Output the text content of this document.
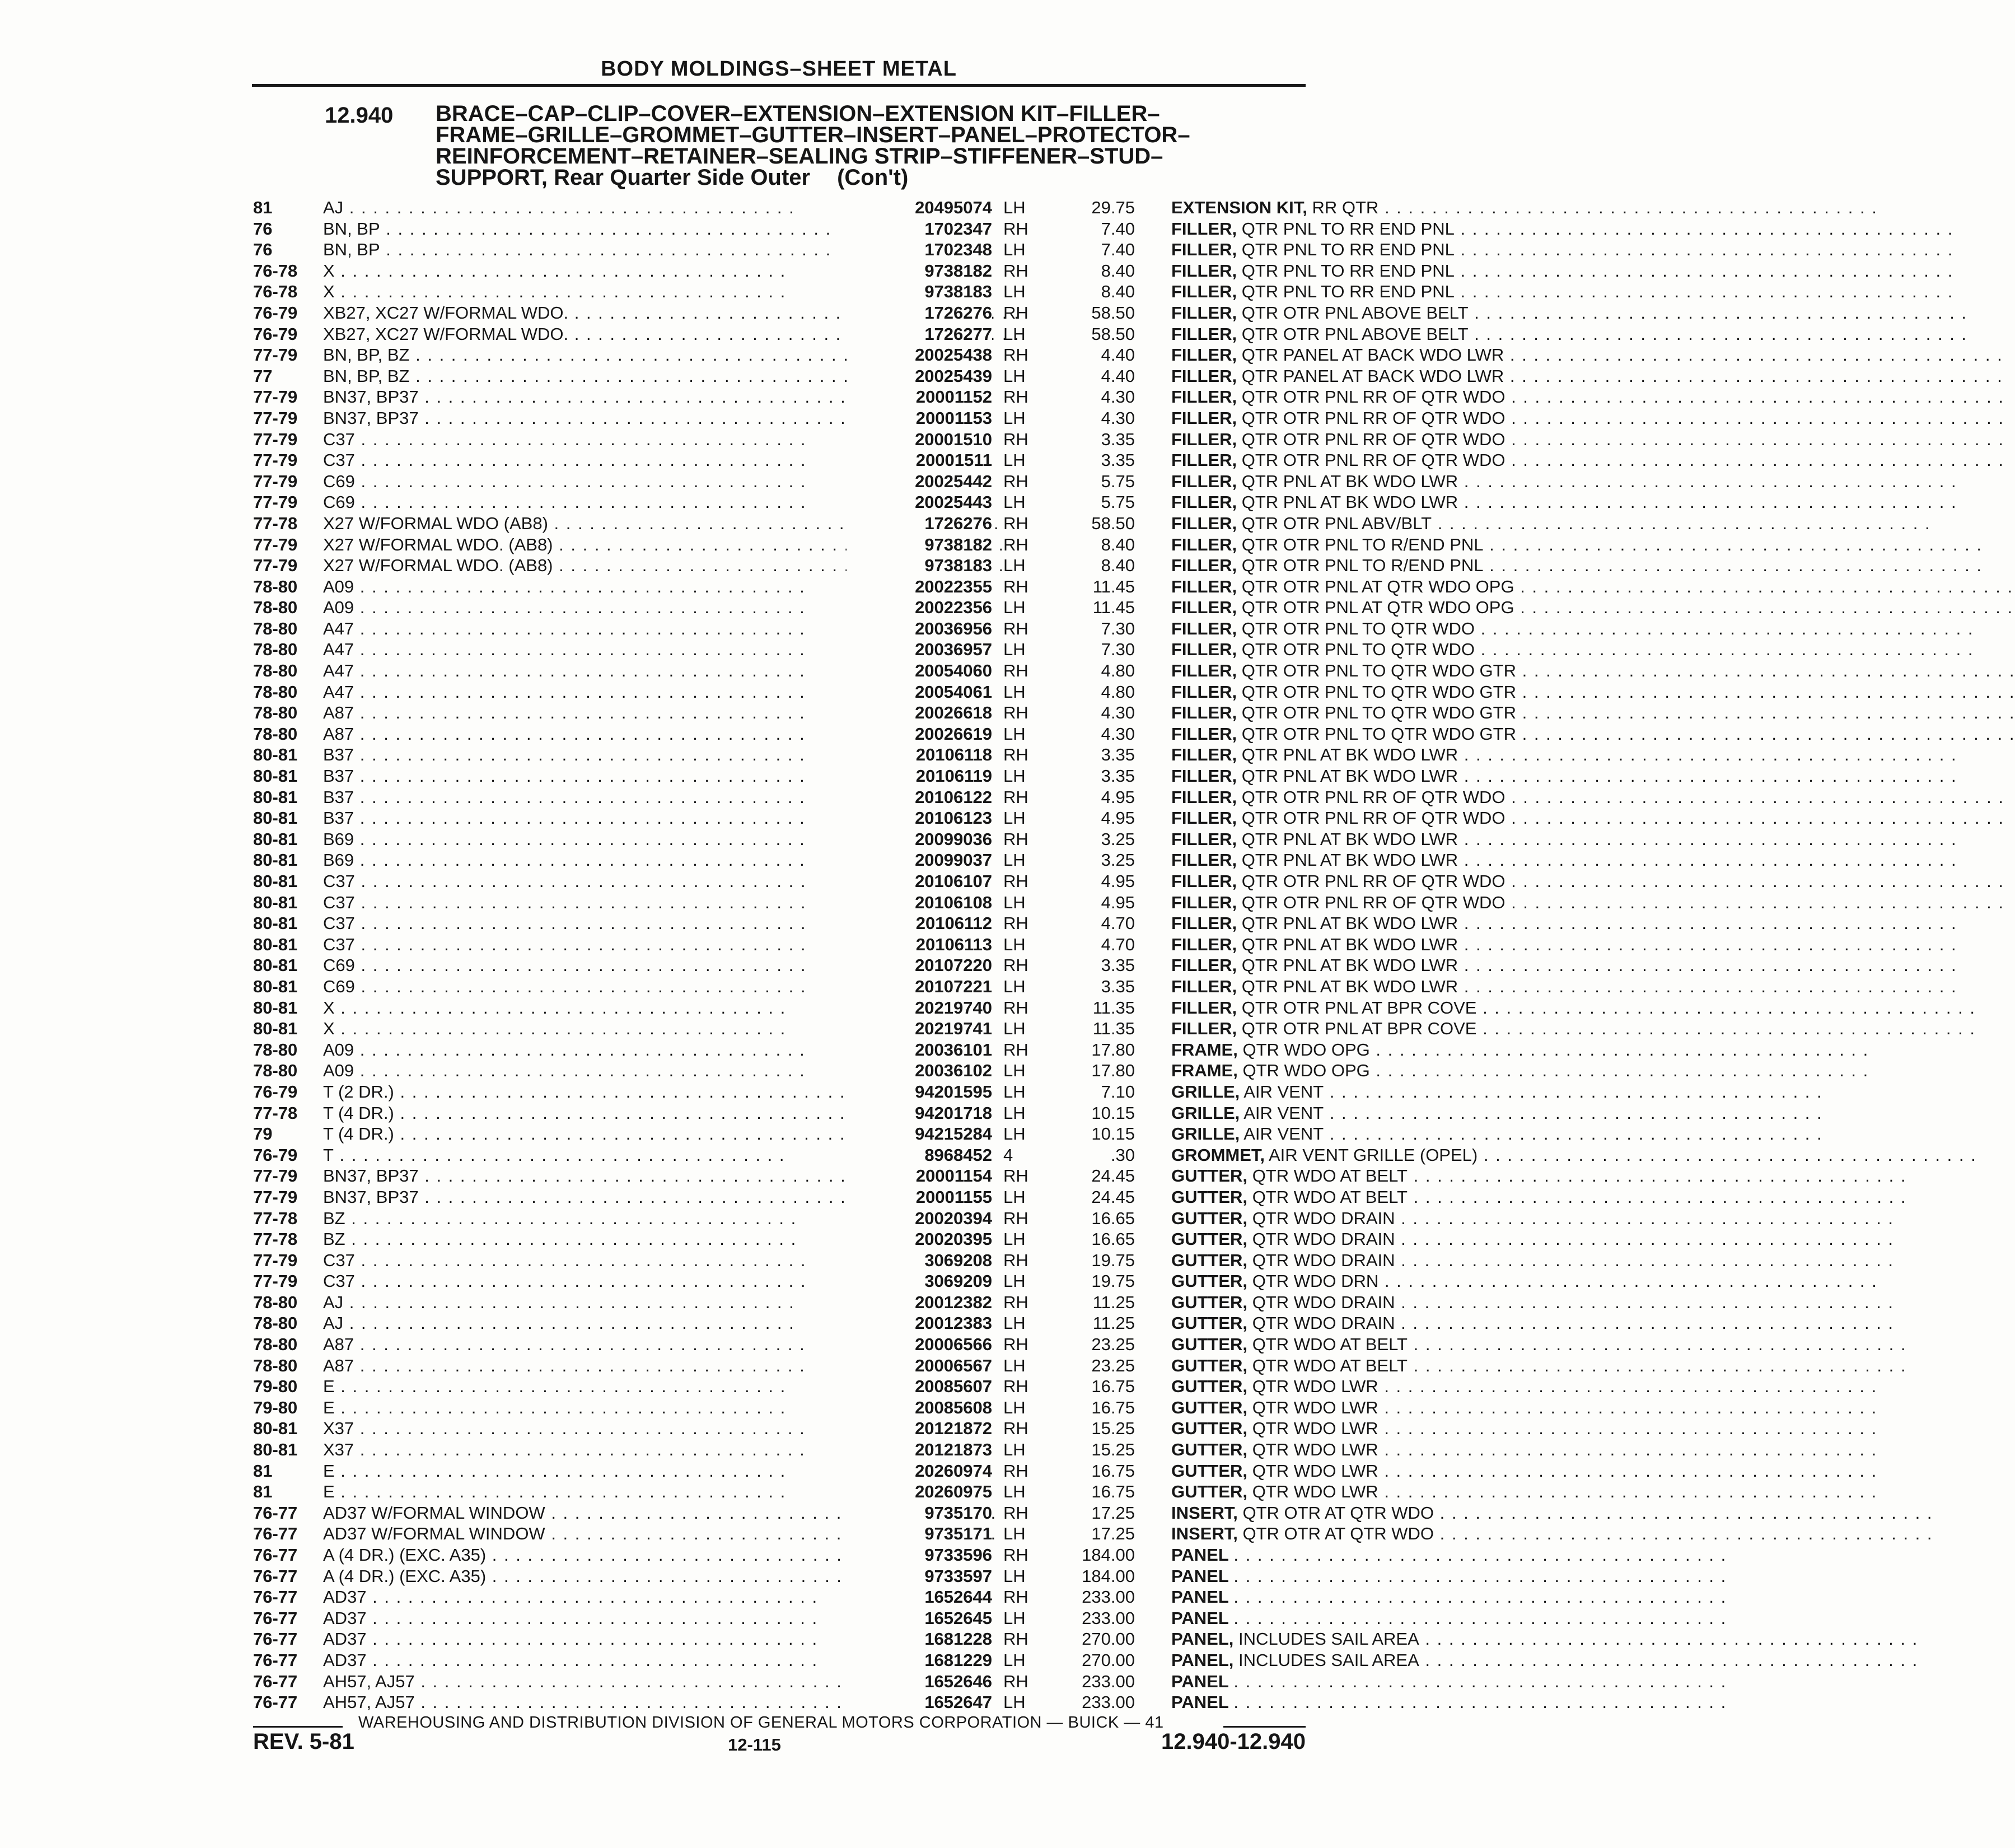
BODY MOLDINGS–SHEET METAL
12.940 BRACE–CAP–CLIP–COVER–EXTENSION–EXTENSION KIT–FILLER–
FRAME–GRILLE–GROMMET–GUTTER–INSERT–PANEL–PROTECTOR–
REINFORCEMENT–RETAINER–SEALING STRIP–STIFFENER–STUD–
SUPPORT, Rear Quarter Side Outer (Con't)
81	AJ . . .	20495074 LH	29.75 EXTENSION KIT, RR QTR . . .
76	BN, BP . . .	1702347 RH	7.40 FILLER, QTR PNL TO RR END PNL . . .
76	BN, BP . . .	1702348 LH	7.40 FILLER, QTR PNL TO RR END PNL . . .
76-78 X . . .	9738182 RH	8.40 FILLER, QTR PNL TO RR END PNL . . .
76-78 X . . .	9738183 LH	8.40 FILLER, QTR PNL TO RR END PNL . . .
76-79 XB27, XC27 W/FORMAL WDO. . . .	1726276 RH	58.50 FILLER, QTR OTR PNL ABOVE BELT . . .
76-79 XB27, XC27 W/FORMAL WDO. . . .	1726277 LH	58.50 FILLER, QTR OTR PNL ABOVE BELT . . .
77-79 BN, BP, BZ . . .	20025438 RH	4.40 FILLER, QTR PANEL AT BACK WDO LWR . . .
77	BN, BP, BZ . . .	20025439 LH	4.40 FILLER, QTR PANEL AT BACK WDO LWR . . .
77-79 BN37, BP37 . . .	20001152 RH	4.30 FILLER, QTR OTR PNL RR OF QTR WDO . . .
77-79 BN37, BP37 . . .	20001153 LH	4.30 FILLER, QTR OTR PNL RR OF QTR WDO . . .
77-79 C37 . . .	20001510 RH	3.35 FILLER, QTR OTR PNL RR OF QTR WDO . . .
77-79 C37 . . .	20001511 LH	3.35 FILLER, QTR OTR PNL RR OF QTR WDO . . .
77-79 C69 . . .	20025442 RH	5.75 FILLER, QTR PNL AT BK WDO LWR . . .
77-79 C69 . . .	20025443 LH	5.75 FILLER, QTR PNL AT BK WDO LWR . . .
77-78 X27 W/FORMAL WDO (AB8) . . .	1726276 RH	58.50 FILLER, QTR OTR PNL ABV/BLT . . .
77-79 X27 W/FORMAL WDO. (AB8) . . .	9738182 RH	8.40 FILLER, QTR OTR PNL TO R/END PNL . . .
77-79 X27 W/FORMAL WDO. (AB8) . . .	9738183 LH	8.40 FILLER, QTR OTR PNL TO R/END PNL . . .
78-80 A09 . . .	20022355 RH	11.45 FILLER, QTR OTR PNL AT QTR WDO OPG . . .
78-80 A09 . . .	20022356 LH	11.45 FILLER, QTR OTR PNL AT QTR WDO OPG . . .
78-80 A47 . . .	20036956 RH	7.30 FILLER, QTR OTR PNL TO QTR WDO . . .
78-80 A47 . . .	20036957 LH	7.30 FILLER, QTR OTR PNL TO QTR WDO . . .
78-80 A47 . . .	20054060 RH	4.80 FILLER, QTR OTR PNL TO QTR WDO GTR . . .
78-80 A47 . . .	20054061 LH	4.80 FILLER, QTR OTR PNL TO QTR WDO GTR . . .
78-80 A87 . . .	20026618 RH	4.30 FILLER, QTR OTR PNL TO QTR WDO GTR . . .
78-80 A87 . . .	20026619 LH	4.30 FILLER, QTR OTR PNL TO QTR WDO GTR . . .
80-81 B37 . . .	20106118 RH	3.35 FILLER, QTR PNL AT BK WDO LWR . . .
80-81 B37 . . .	20106119 LH	3.35 FILLER, QTR PNL AT BK WDO LWR . . .
80-81 B37 . . .	20106122 RH	4.95 FILLER, QTR OTR PNL RR OF QTR WDO . . .
80-81 B37 . . .	20106123 LH	4.95 FILLER, QTR OTR PNL RR OF QTR WDO . . .
80-81 B69 . . .	20099036 RH	3.25 FILLER, QTR PNL AT BK WDO LWR . . .
80-81 B69 . . .	20099037 LH	3.25 FILLER, QTR PNL AT BK WDO LWR . . .
80-81 C37 . . .	20106107 RH	4.95 FILLER, QTR OTR PNL RR OF QTR WDO . . .
80-81 C37 . . .	20106108 LH	4.95 FILLER, QTR OTR PNL RR OF QTR WDO . . .
80-81 C37 . . .	20106112 RH	4.70 FILLER, QTR PNL AT BK WDO LWR . . .
80-81 C37 . . .	20106113 LH	4.70 FILLER, QTR PNL AT BK WDO LWR . . .
80-81 C69 . . .	20107220 RH	3.35 FILLER, QTR PNL AT BK WDO LWR . . .
80-81 C69 . . .	20107221 LH	3.35 FILLER, QTR PNL AT BK WDO LWR . . .
80-81 X . . .	20219740 RH	11.35 FILLER, QTR OTR PNL AT BPR COVE . . .
80-81 X . . .	20219741 LH	11.35 FILLER, QTR OTR PNL AT BPR COVE . . .
78-80 A09 . . .	20036101 RH	17.80 FRAME, QTR WDO OPG . . .
78-80 A09 . . .	20036102 LH	17.80 FRAME, QTR WDO OPG . . .
76-79 T (2 DR.) . . .	94201595 LH	7.10 GRILLE, AIR VENT . . .
77-78 T (4 DR.) . . .	94201718 LH	10.15 GRILLE, AIR VENT . . .
79	T (4 DR.) . . .	94215284 LH	10.15 GRILLE, AIR VENT . . .
76-79 T . . .	8968452 4	.30 GROMMET, AIR VENT GRILLE (OPEL) . . .
77-79 BN37, BP37 . . .	20001154 RH	24.45 GUTTER, QTR WDO AT BELT . . .
77-79 BN37, BP37 . . .	20001155 LH	24.45 GUTTER, QTR WDO AT BELT . . .
77-78 BZ . . .	20020394 RH	16.65 GUTTER, QTR WDO DRAIN . . .
77-78 BZ . . .	20020395 LH	16.65 GUTTER, QTR WDO DRAIN . . .
77-79 C37 . . .	3069208 RH	19.75 GUTTER, QTR WDO DRAIN . . .
77-79 C37 . . .	3069209 LH	19.75 GUTTER, QTR WDO DRN . . .
78-80 AJ . . .	20012382 RH	11.25 GUTTER, QTR WDO DRAIN . . .
78-80 AJ . . .	20012383 LH	11.25 GUTTER, QTR WDO DRAIN . . .
78-80 A87 . . .	20006566 RH	23.25 GUTTER, QTR WDO AT BELT . . .
78-80 A87 . . .	20006567 LH	23.25 GUTTER, QTR WDO AT BELT . . .
79-80 E . . .	20085607 RH	16.75 GUTTER, QTR WDO LWR . . .
79-80 E . . .	20085608 LH	16.75 GUTTER, QTR WDO LWR . . .
80-81 X37 . . .	20121872 RH	15.25 GUTTER, QTR WDO LWR . . .
80-81 X37 . . .	20121873 LH	15.25 GUTTER, QTR WDO LWR . . .
81	E . . .	20260974 RH	16.75 GUTTER, QTR WDO LWR . . .
81	E . . .	20260975 LH	16.75 GUTTER, QTR WDO LWR . . .
76-77 AD37 W/FORMAL WINDOW . . .	9735170 RH	17.25 INSERT, QTR OTR AT QTR WDO . . .
76-77 AD37 W/FORMAL WINDOW . . .	9735171 LH	17.25 INSERT, QTR OTR AT QTR WDO . . .
76-77 A (4 DR.) (EXC. A35) . . .	9733596 RH	184.00 PANEL . . .
76-77 A (4 DR.) (EXC. A35) . . .	9733597 LH	184.00 PANEL . . .
76-77 AD37 . . .	1652644 RH	233.00 PANEL . . .
76-77 AD37 . . .	1652645 LH	233.00 PANEL . . .
76-77 AD37 . . .	1681228 RH	270.00 PANEL, INCLUDES SAIL AREA . . .
76-77 AD37 . . .	1681229 LH	270.00 PANEL, INCLUDES SAIL AREA . . .
76-77 AH57, AJ57 . . .	1652646 RH	233.00 PANEL . . .
76-77 AH57, AJ57 . . .	1652647 LH	233.00 PANEL . . .
WAREHOUSING AND DISTRIBUTION DIVISION OF GENERAL MOTORS CORPORATION — BUICK — 41
REV. 5-81	12-115	12.940-12.940
